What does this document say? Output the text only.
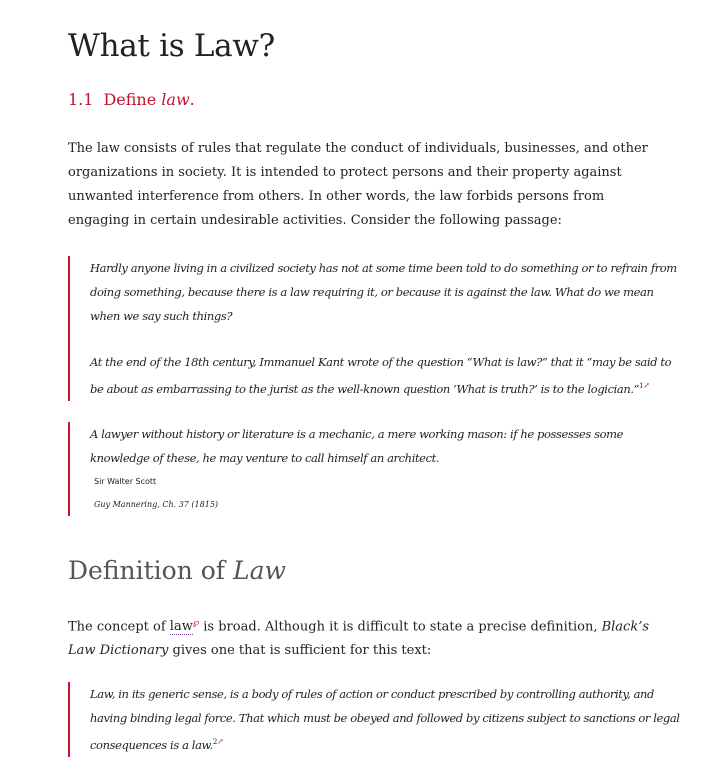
What is Law?
1.1 Define law.

The law consists of rules that regulate the conduct of individuals, businesses, and other organizations in society. It is intended to protect persons and their property against unwanted interference from others. In other words, the law forbids persons from engaging in certain undesirable activities. Consider the following passage:

Hardly anyone living in a civilized society has not at some time been told to do something or to refrain from doing something, because there is a law requiring it, or because it is against the law. What do we mean when we say such things?

At the end of the 18th century, Immanuel Kant wrote of the question “What is law?” that it “may be said to be about as embarrassing to the jurist as the well-known question ‘What is truth?’ is to the logician.”$^{1↗}$

A lawyer without history or literature is a mechanic, a mere working mason: if he possesses some knowledge of these, he may venture to call himself an architect.

Sir Walter Scott
Guy Mannering, Ch. 37 (1815)
Definition of Law

The concept of law℘ is broad. Although it is difficult to state a precise definition, Black’s Law Dictionary gives one that is sufficient for this text:

Law, in its generic sense, is a body of rules of action or conduct prescribed by controlling authority, and having binding legal force. That which must be obeyed and followed by citizens subject to sanctions or legal consequences is a law.$^{2↗}$
